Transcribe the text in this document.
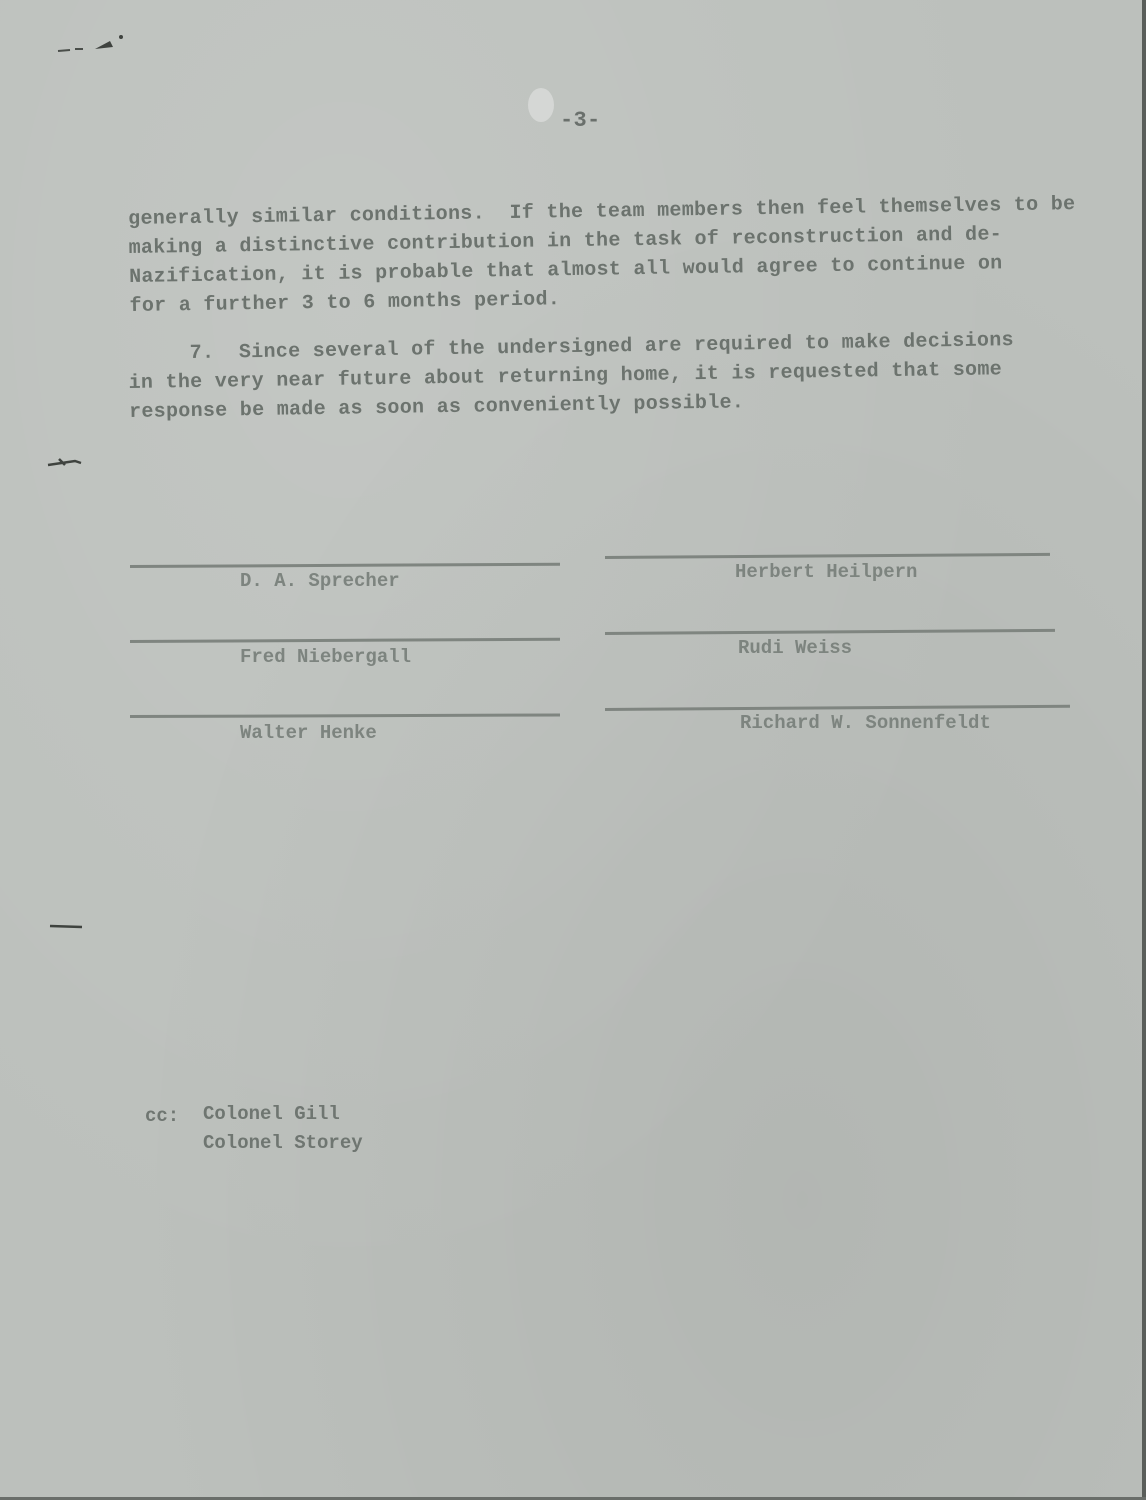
-3-
generally similar conditions.  If the team members then feel themselves to be
making a distinctive contribution in the task of reconstruction and de-
Nazification, it is probable that almost all would agree to continue on
for a further 3 to 6 months period.
7.  Since several of the undersigned are required to make decisions
in the very near future about returning home, it is requested that some
response be made as soon as conveniently possible.
D. A. Sprecher
Fred Niebergall
Walter Henke
Herbert Heilpern
Rudi Weiss
Richard W. Sonnenfeldt
cc: Colonel Gill
Colonel Storey
